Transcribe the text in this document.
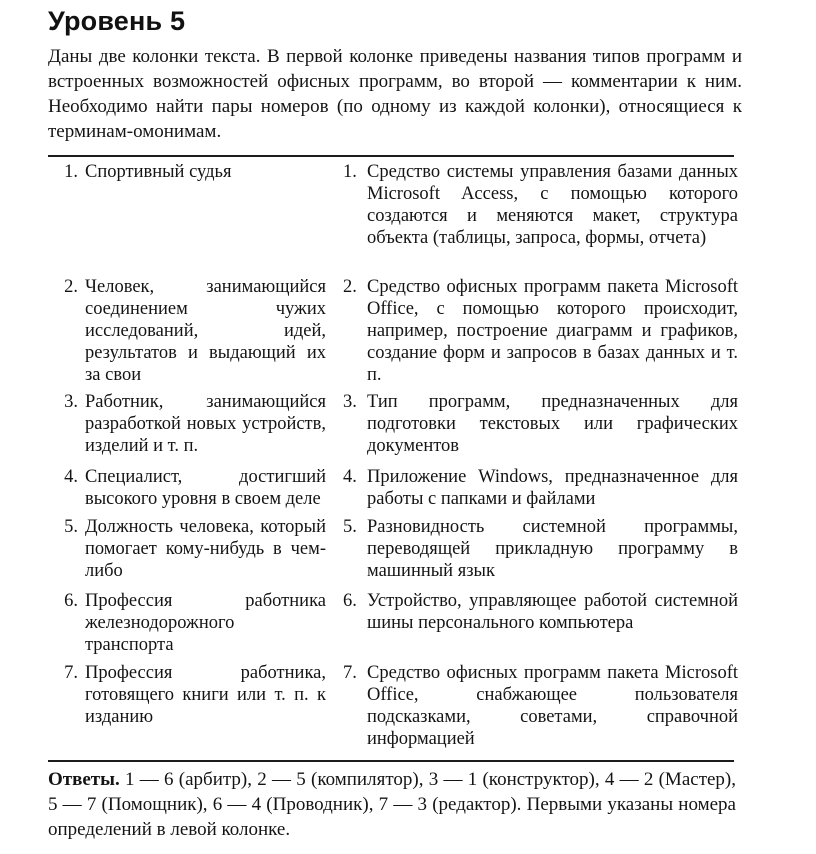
Уровень 5
Даны две колонки текста. В первой колонке приведены названия типов программ и встроенных возможностей офисных программ, во второй — комментарии к ним. Необходимо найти пары номеров (по одному из каждой колонки), относящиеся к терминам-омонимам.
1. Спортивный судья	1. Средство системы управления базами данных Microsoft Access, с помощью которого создаются и меняются макет, структура объекта (таблицы, запроса, формы, отчета)
2. Человек, занимающийся соединением чужих исследований, идей, результатов и выдающий их за свои
2. Средство офисных программ пакета Microsoft Office, с помощью которого происходит, например, построение диаграмм и графиков, создание форм и запросов в базах данных и т. п.
3. Работник, занимающийся разработкой новых устройств, изделий и т. п.
3. Тип программ, предназначенных для подготовки текстовых или графических документов
4. Специалист, достигший высокого уровня в своем деле
4. Приложение Windows, предназначенное для работы с папками и файлами
5. Должность человека, который помогает кому-нибудь в чем-либо
5. Разновидность системной программы, переводящей прикладную программу в машинный язык
6. Профессия работника железнодорожного транспорта
6. Устройство, управляющее работой системной шины персонального компьютера
7. Профессия работника, готовящего книги или т. п. к изданию
7. Средство офисных программ пакета Microsoft Office, снабжающее пользователя подсказками, советами, справочной информацией
Ответы. 1 — 6 (арбитр), 2 — 5 (компилятор), 3 — 1 (конструктор), 4 — 2 (Мастер), 5 — 7 (Помощник), 6 — 4 (Проводник), 7 — 3 (редактор). Первыми указаны номера определений в левой колонке.
